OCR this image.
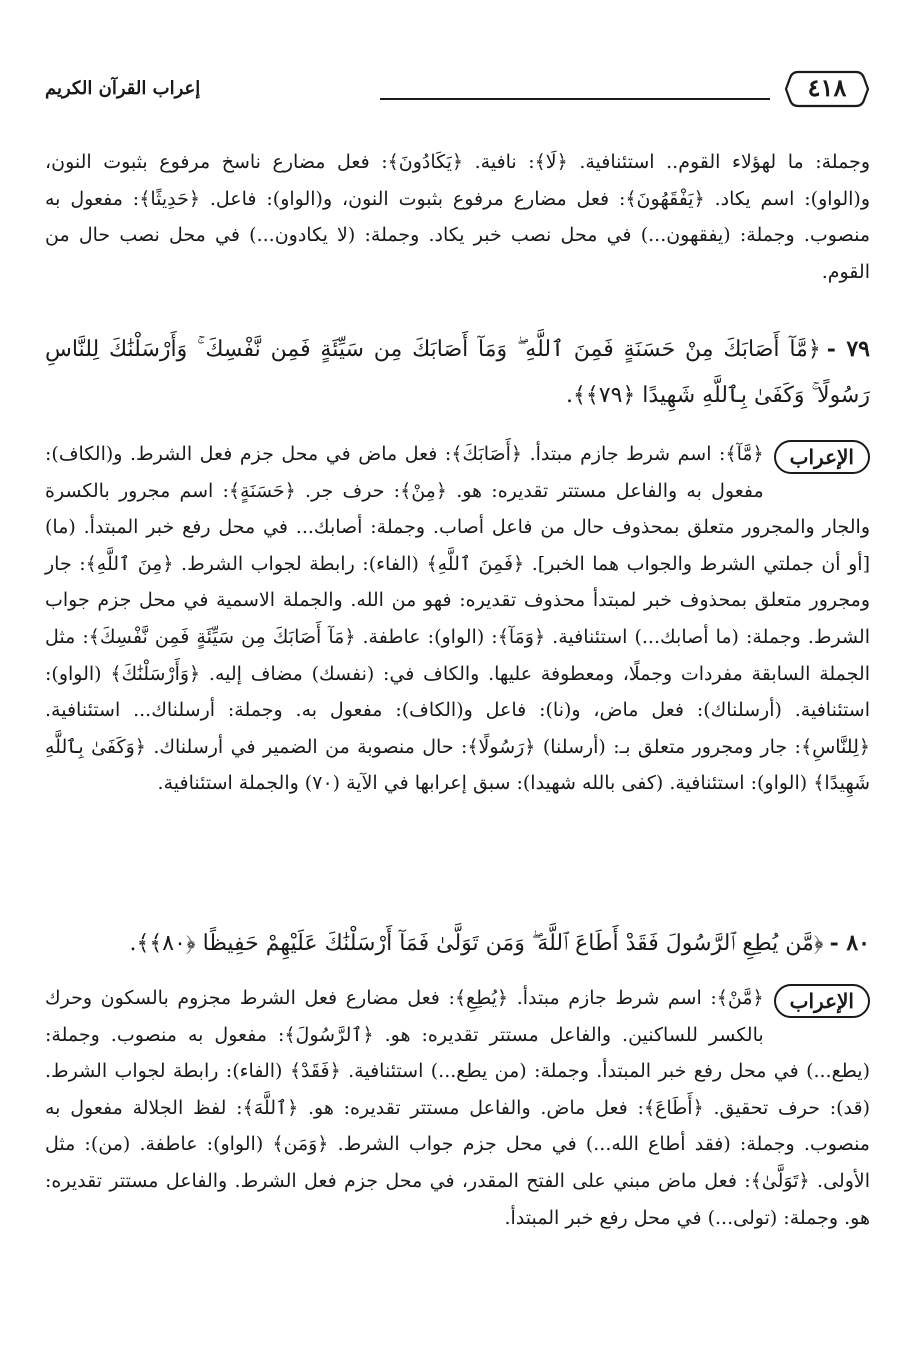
٤١٨
إعراب القرآن الكريم
وجملة: ما لهؤلاء القوم.. استئنافية. ﴿لَا﴾: نافية. ﴿يَكَادُونَ﴾: فعل مضارع ناسخ مرفوع بثبوت النون، و(الواو): اسم يكاد. ﴿يَفْقَهُونَ﴾: فعل مضارع مرفوع بثبوت النون، و(الواو): فاعل. ﴿حَدِيثًا﴾: مفعول به منصوب. وجملة: (يفقهون...) في محل نصب خبر يكاد. وجملة: (لا يكادون...) في محل نصب حال من القوم.
٧٩ -﴿مَّآ أَصَابَكَ مِنْ حَسَنَةٍ فَمِنَ ٱللَّهِ ۖ وَمَآ أَصَابَكَ مِن سَيِّئَةٍ فَمِن نَّفْسِكَ ۚ وَأَرْسَلْنَٰكَ لِلنَّاسِ رَسُولًا ۚ وَكَفَىٰ بِٱللَّهِ شَهِيدًا ﴿٧٩﴾﴾.
الإعراب
﴿مَّآ﴾: اسم شرط جازم مبتدأ. ﴿أَصَابَكَ﴾: فعل ماض في محل جزم فعل الشرط. و(الكاف): مفعول به والفاعل مستتر تقديره: هو. ﴿مِنْ﴾: حرف جر. ﴿حَسَنَةٍ﴾: اسم مجرور بالكسرة والجار والمجرور متعلق بمحذوف حال من فاعل أصاب. وجملة: أصابك... في محل رفع خبر المبتدأ. (ما) [أو أن جملتي الشرط والجواب هما الخبر]. ﴿فَمِنَ ٱللَّهِ﴾ (الفاء): رابطة لجواب الشرط. ﴿مِنَ ٱللَّهِ﴾: جار ومجرور متعلق بمحذوف خبر لمبتدأ محذوف تقديره: فهو من الله. والجملة الاسمية في محل جزم جواب الشرط. وجملة: (ما أصابك...) استئنافية. ﴿وَمَآ﴾: (الواو): عاطفة. ﴿مَآ أَصَابَكَ مِن سَيِّئَةٍ فَمِن نَّفْسِكَ﴾: مثل الجملة السابقة مفردات وجملًا، ومعطوفة عليها. والكاف في: (نفسك) مضاف إليه. ﴿وَأَرْسَلْنَٰكَ﴾ (الواو): استئنافية. (أرسلناك): فعل ماض، و(نا): فاعل و(الكاف): مفعول به. وجملة: أرسلناك... استئنافية. ﴿لِلنَّاسِ﴾: جار ومجرور متعلق بـ: (أرسلنا) ﴿رَسُولًا﴾: حال منصوبة من الضمير في أرسلناك. ﴿وَكَفَىٰ بِٱللَّهِ شَهِيدًا﴾ (الواو): استئنافية. (كفى بالله شهيدا): سبق إعرابها في الآية (٧٠) والجملة استئنافية.
٨٠ -﴿مَّن يُطِعِ ٱلرَّسُولَ فَقَدْ أَطَاعَ ٱللَّهَ ۖ وَمَن تَوَلَّىٰ فَمَآ أَرْسَلْنَٰكَ عَلَيْهِمْ حَفِيظًا ﴿٨٠﴾﴾.
الإعراب
﴿مَّنْ﴾: اسم شرط جازم مبتدأ. ﴿يُطِعِ﴾: فعل مضارع فعل الشرط مجزوم بالسكون وحرك بالكسر للساكنين. والفاعل مستتر تقديره: هو. ﴿ٱلرَّسُولَ﴾: مفعول به منصوب. وجملة: (يطع...) في محل رفع خبر المبتدأ. وجملة: (من يطع...) استئنافية. ﴿فَقَدْ﴾ (الفاء): رابطة لجواب الشرط. (قد): حرف تحقيق. ﴿أَطَاعَ﴾: فعل ماض. والفاعل مستتر تقديره: هو. ﴿ٱللَّهَ﴾: لفظ الجلالة مفعول به منصوب. وجملة: (فقد أطاع الله...) في محل جزم جواب الشرط. ﴿وَمَن﴾ (الواو): عاطفة. (من): مثل الأولى. ﴿تَوَلَّىٰ﴾: فعل ماض مبني على الفتح المقدر، في محل جزم فعل الشرط. والفاعل مستتر تقديره: هو. وجملة: (تولى...) في محل رفع خبر المبتدأ.
